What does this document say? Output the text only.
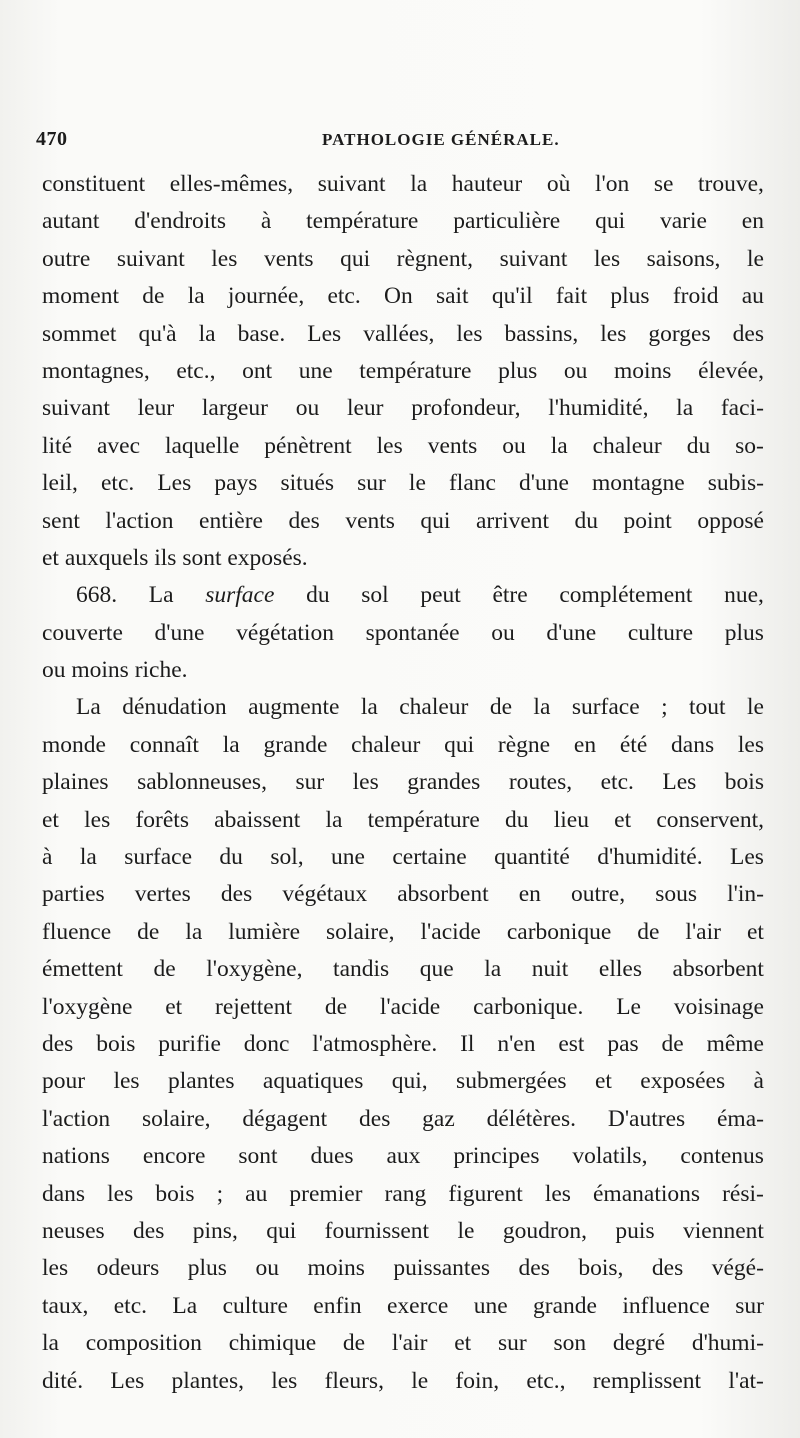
470	PATHOLOGIE GÉNÉRALE.
constituent elles-mêmes, suivant la hauteur où l'on se trouve,
autant d'endroits à température particulière qui varie en
outre suivant les vents qui règnent, suivant les saisons, le
moment de la journée, etc. On sait qu'il fait plus froid au
sommet qu'à la base. Les vallées, les bassins, les gorges des
montagnes, etc., ont une température plus ou moins élevée,
suivant leur largeur ou leur profondeur, l'humidité, la faci-
lité avec laquelle pénètrent les vents ou la chaleur du so-
leil, etc. Les pays situés sur le flanc d'une montagne subis-
sent l'action entière des vents qui arrivent du point opposé
et auxquels ils sont exposés.
668. La surface du sol peut être complétement nue,
couverte d'une végétation spontanée ou d'une culture plus
ou moins riche.
La dénudation augmente la chaleur de la surface ; tout le
monde connaît la grande chaleur qui règne en été dans les
plaines sablonneuses, sur les grandes routes, etc. Les bois
et les forêts abaissent la température du lieu et conservent,
à la surface du sol, une certaine quantité d'humidité. Les
parties vertes des végétaux absorbent en outre, sous l'in-
fluence de la lumière solaire, l'acide carbonique de l'air et
émettent de l'oxygène, tandis que la nuit elles absorbent
l'oxygène et rejettent de l'acide carbonique. Le voisinage
des bois purifie donc l'atmosphère. Il n'en est pas de même
pour les plantes aquatiques qui, submergées et exposées à
l'action solaire, dégagent des gaz délétères. D'autres éma-
nations encore sont dues aux principes volatils, contenus
dans les bois ; au premier rang figurent les émanations rési-
neuses des pins, qui fournissent le goudron, puis viennent
les odeurs plus ou moins puissantes des bois, des végé-
taux, etc. La culture enfin exerce une grande influence sur
la composition chimique de l'air et sur son degré d'humi-
dité. Les plantes, les fleurs, le foin, etc., remplissent l'at-
